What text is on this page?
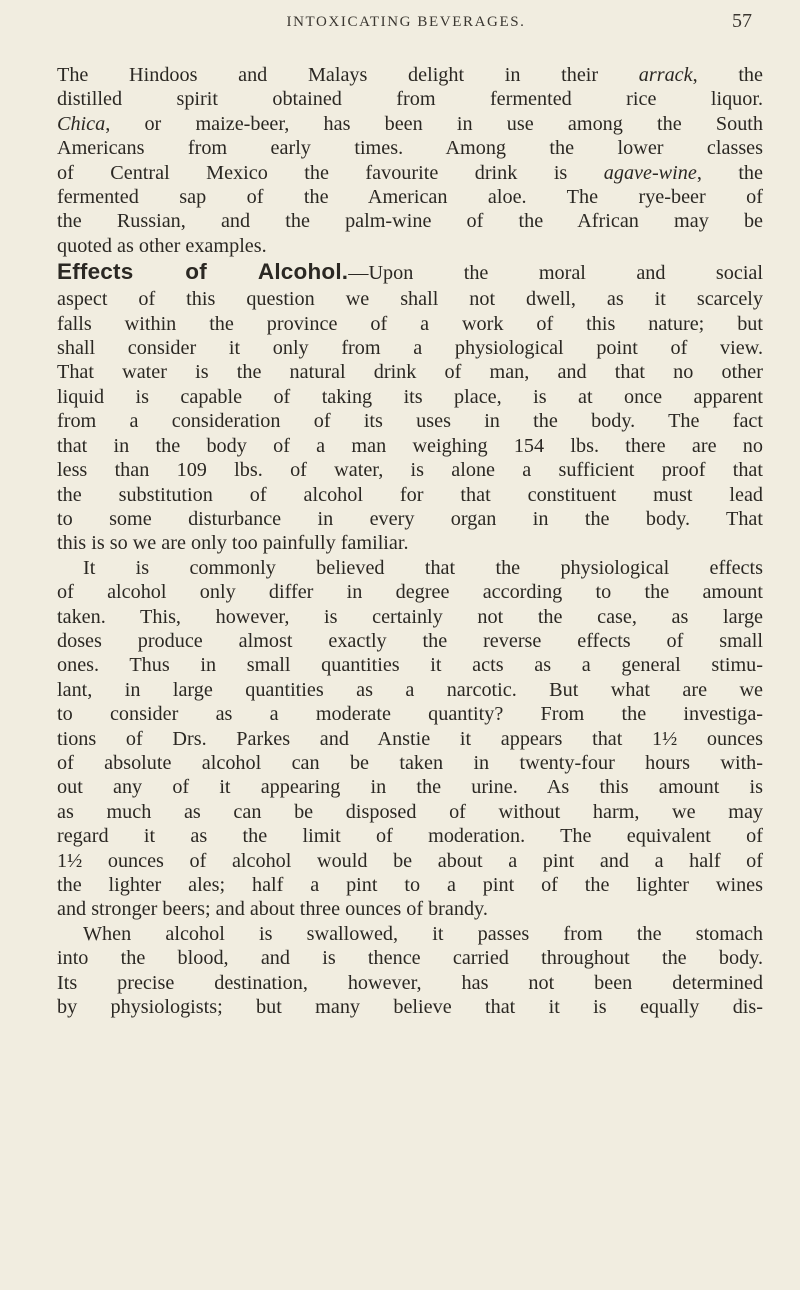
INTOXICATING BEVERAGES.	57
The Hindoos and Malays delight in their arrack, the
distilled spirit obtained from fermented rice liquor.
Chica, or maize-beer, has been in use among the South
Americans from early times. Among the lower classes
of Central Mexico the favourite drink is agave-wine, the
fermented sap of the American aloe. The rye-beer of
the Russian, and the palm-wine of the African may be
quoted as other examples.
Effects of Alcohol.—Upon the moral and social
aspect of this question we shall not dwell, as it scarcely
falls within the province of a work of this nature; but
shall consider it only from a physiological point of view.
That water is the natural drink of man, and that no other
liquid is capable of taking its place, is at once apparent
from a consideration of its uses in the body. The fact
that in the body of a man weighing 154 lbs. there are no
less than 109 lbs. of water, is alone a sufficient proof that
the substitution of alcohol for that constituent must lead
to some disturbance in every organ in the body. That
this is so we are only too painfully familiar.
It is commonly believed that the physiological effects
of alcohol only differ in degree according to the amount
taken. This, however, is certainly not the case, as large
doses produce almost exactly the reverse effects of small
ones. Thus in small quantities it acts as a general stimu-
lant, in large quantities as a narcotic. But what are we
to consider as a moderate quantity? From the investiga-
tions of Drs. Parkes and Anstie it appears that 1½ ounces
of absolute alcohol can be taken in twenty-four hours with-
out any of it appearing in the urine. As this amount is
as much as can be disposed of without harm, we may
regard it as the limit of moderation. The equivalent of
1½ ounces of alcohol would be about a pint and a half of
the lighter ales; half a pint to a pint of the lighter wines
and stronger beers; and about three ounces of brandy.
When alcohol is swallowed, it passes from the stomach
into the blood, and is thence carried throughout the body.
Its precise destination, however, has not been determined
by physiologists; but many believe that it is equally dis-
